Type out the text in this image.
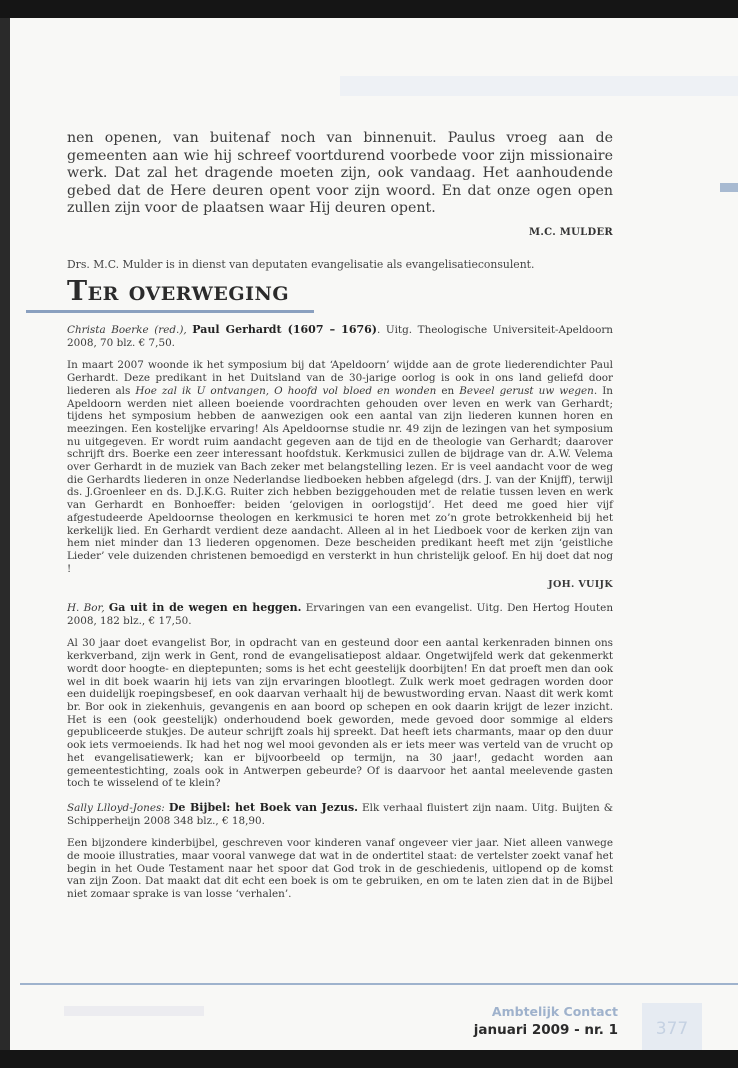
nen openen, van buitenaf noch van binnenuit. Paulus vroeg aan de gemeenten aan wie hij schreef voortdurend voorbede voor zijn missionaire werk. Dat zal het dragende moeten zijn, ook vandaag. Het aanhoudende gebed dat de Here deuren opent voor zijn woord. En dat onze ogen open zullen zijn voor de plaatsen waar Hij deuren opent.
M.C. MULDER
Drs. M.C. Mulder is in dienst van deputaten evangelisatie als evangelisatieconsulent.
Ter overweging

Christa Boerke (red.), Paul Gerhardt (1607 – 1676). Uitg. Theologische Universiteit-Apeldoorn 2008, 70 blz. € 7,50.

In maart 2007 woonde ik het symposium bij dat ‘Apeldoorn’ wijdde aan de grote liederendichter Paul Gerhardt. Deze predikant in het Duitsland van de 30-jarige oorlog is ook in ons land geliefd door liederen als Hoe zal ik U ontvangen, O hoofd vol bloed en wonden en Beveel gerust uw wegen. In Apeldoorn werden niet alleen boeiende voordrachten gehouden over leven en werk van Gerhardt; tijdens het symposium hebben de aanwezigen ook een aantal van zijn liederen kunnen horen en meezingen. Een kostelijke ervaring! Als Apeldoornse studie nr. 49 zijn de lezingen van het symposium nu uitgegeven. Er wordt ruim aandacht gegeven aan de tijd en de theologie van Gerhardt; daarover schrijft drs. Boerke een zeer interessant hoofdstuk. Kerkmusici zullen de bijdrage van dr. A.W. Velema over Gerhardt in de muziek van Bach zeker met belangstelling lezen. Er is veel aandacht voor de weg die Gerhardts liederen in onze Nederlandse liedboeken hebben afgelegd (drs. J. van der Knijff), terwijl ds. J.Groenleer en ds. D.J.K.G. Ruiter zich hebben beziggehouden met de relatie tussen leven en werk van Gerhardt en Bonhoeffer: beiden ‘gelovigen in oorlogstijd’. Het deed me goed hier vijf afgestudeerde Apeldoornse theologen en kerkmusici te horen met zo’n grote betrokkenheid bij het kerkelijk lied. En Gerhardt verdient deze aandacht. Alleen al in het Liedboek voor de kerken zijn van hem niet minder dan 13 liederen opgenomen. Deze bescheiden predikant heeft met zijn ‘geistliche Lieder’ vele duizenden christenen bemoedigd en versterkt in hun christelijk geloof. En hij doet dat nog !

JOH. VUIJK

H. Bor, Ga uit in de wegen en heggen. Ervaringen van een evangelist. Uitg. Den Hertog Houten 2008, 182 blz., € 17,50.

Al 30 jaar doet evangelist Bor, in opdracht van en gesteund door een aantal kerkenraden binnen ons kerkverband, zijn werk in Gent, rond de evangelisatiepost aldaar. Ongetwijfeld werk dat gekenmerkt wordt door hoogte- en dieptepunten; soms is het echt geestelijk doorbijten! En dat proeft men dan ook wel in dit boek waarin hij iets van zijn ervaringen blootlegt. Zulk werk moet gedragen worden door een duidelijk roepingsbesef, en ook daarvan verhaalt hij de bewustwording ervan. Naast dit werk komt br. Bor ook in ziekenhuis, gevangenis en aan boord op schepen en ook daarin krijgt de lezer inzicht. Het is een (ook geestelijk) onderhoudend boek geworden, mede gevoed door sommige al elders gepubliceerde stukjes. De auteur schrijft zoals hij spreekt. Dat heeft iets charmants, maar op den duur ook iets vermoeiends. Ik had het nog wel mooi gevonden als er iets meer was verteld van de vrucht op het evangelisatiewerk; kan er bijvoorbeeld op termijn, na 30 jaar!, gedacht worden aan gemeentestichting, zoals ook in Antwerpen gebeurde? Of is daarvoor het aantal meelevende gasten toch te wisselend of te klein?

Sally Llloyd-Jones: De Bijbel: het Boek van Jezus. Elk verhaal fluistert zijn naam. Uitg. Buijten & Schipperheijn 2008 348 blz., € 18,90.

Een bijzondere kinderbijbel, geschreven voor kinderen vanaf ongeveer vier jaar. Niet alleen vanwege de mooie illustraties, maar vooral vanwege dat wat in de ondertitel staat: de vertelster zoekt vanaf het begin in het Oude Testament naar het spoor dat God trok in de geschiedenis, uitlopend op de komst van zijn Zoon. Dat maakt dat dit echt een boek is om te gebruiken, en om te laten zien dat in de Bijbel niet zomaar sprake is van losse ‘verhalen’.

Ambtelijk Contact
januari 2009 - nr. 1	377
